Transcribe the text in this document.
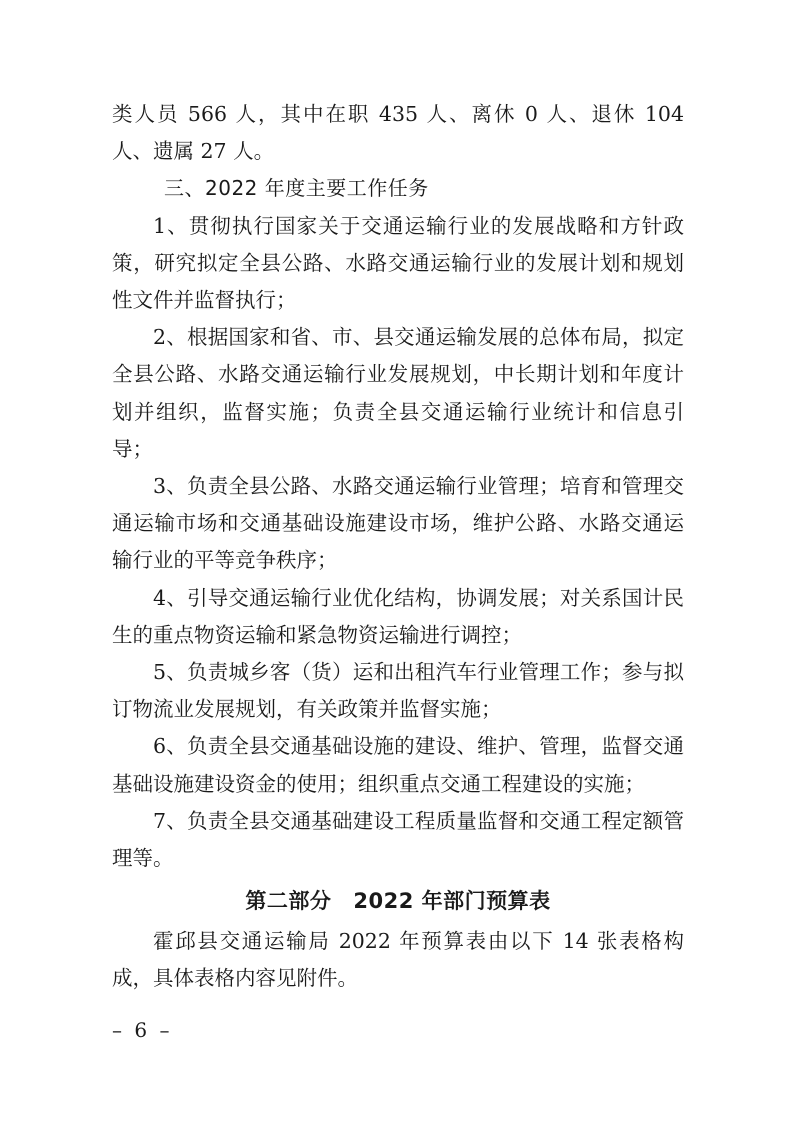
类人员 566 人，其中在职 435 人、离休 0 人、退休 104 人、遗属 27 人。

三、2022 年度主要工作任务

1、贯彻执行国家关于交通运输行业的发展战略和方针政策，研究拟定全县公路、水路交通运输行业的发展计划和规划性文件并监督执行；

2、根据国家和省、市、县交通运输发展的总体布局，拟定全县公路、水路交通运输行业发展规划，中长期计划和年度计划并组织，监督实施；负责全县交通运输行业统计和信息引导；

3、负责全县公路、水路交通运输行业管理；培育和管理交通运输市场和交通基础设施建设市场，维护公路、水路交通运输行业的平等竞争秩序；

4、引导交通运输行业优化结构，协调发展；对关系国计民生的重点物资运输和紧急物资运输进行调控；

5、负责城乡客（货）运和出租汽车行业管理工作；参与拟订物流业发展规划，有关政策并监督实施；

6、负责全县交通基础设施的建设、维护、管理，监督交通基础设施建设资金的使用；组织重点交通工程建设的实施；

7、负责全县交通基础建设工程质量监督和交通工程定额管理等。

第二部分 2022 年部门预算表

霍邱县交通运输局 2022 年预算表由以下 14 张表格构成，具体表格内容见附件。

– 6 –
